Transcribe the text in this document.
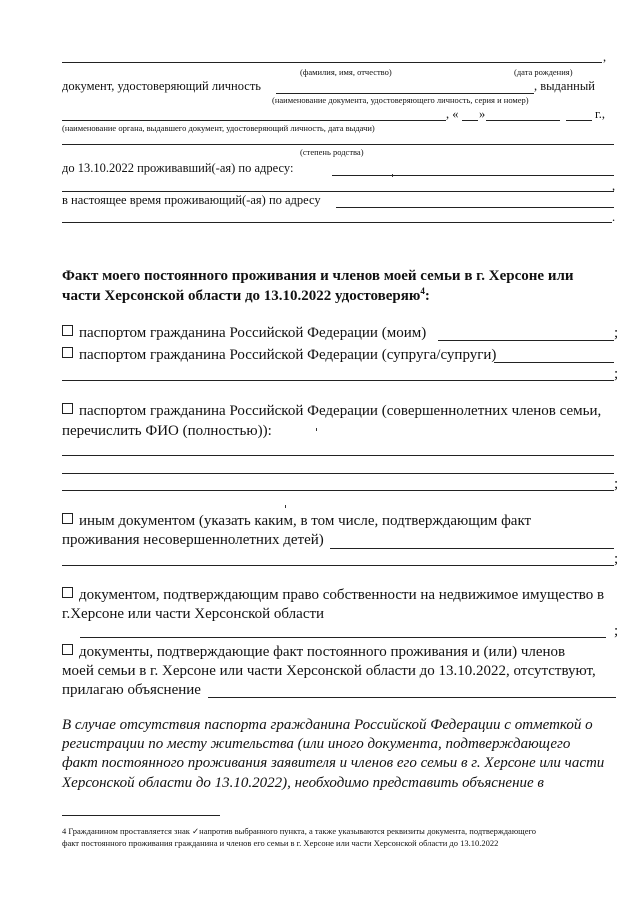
,
(фамилия, имя, отчество)	(дата рождения)
документ, удостоверяющий личность	, выданный
(наименование документа, удостоверяющего личность, серия и номер)
, « »	г.,
(наименование органа, выдавшего документ, удостоверяющий личность, дата выдачи)
(степень родства)
до 13.10.2022 проживавший(-ая) по адресу:
,
в настоящее время проживающий(-ая) по адресу
.
Факт моего постоянного проживания и членов моей семьи в г. Херсоне или
части Херсонской области до 13.10.2022 удостоверяю$^4$:
паспортом гражданина Российской Федерации (моим)	;
паспортом гражданина Российской Федерации (супруга/супруги)
;
паспортом гражданина Российской Федерации (совершеннолетних членов семьи,
перечислить ФИО (полностью)):
;
иным документом (указать каким, в том числе, подтверждающим факт
проживания несовершеннолетних детей)
;
документом, подтверждающим право собственности на недвижимое имущество в
г.Херсоне или части Херсонской области
;
документы, подтверждающие факт постоянного проживания и (или) членов
моей семьи в г. Херсоне или части Херсонской области до 13.10.2022, отсутствуют,
прилагаю объяснение
В случае отсутствия паспорта гражданина Российской Федерации с отметкой о
регистрации по месту жительства (или иного документа, подтверждающего
факт постоянного проживания заявителя и членов его семьи в г. Херсоне или части
Херсонской области до 13.10.2022), необходимо представить объяснение в
4 Гражданином проставляется знак ✓напротив выбранного пункта, а также указываются реквизиты документа, подтверждающего
факт постоянного проживания гражданина и членов его семьи в г. Херсоне или части Херсонской области до 13.10.2022
